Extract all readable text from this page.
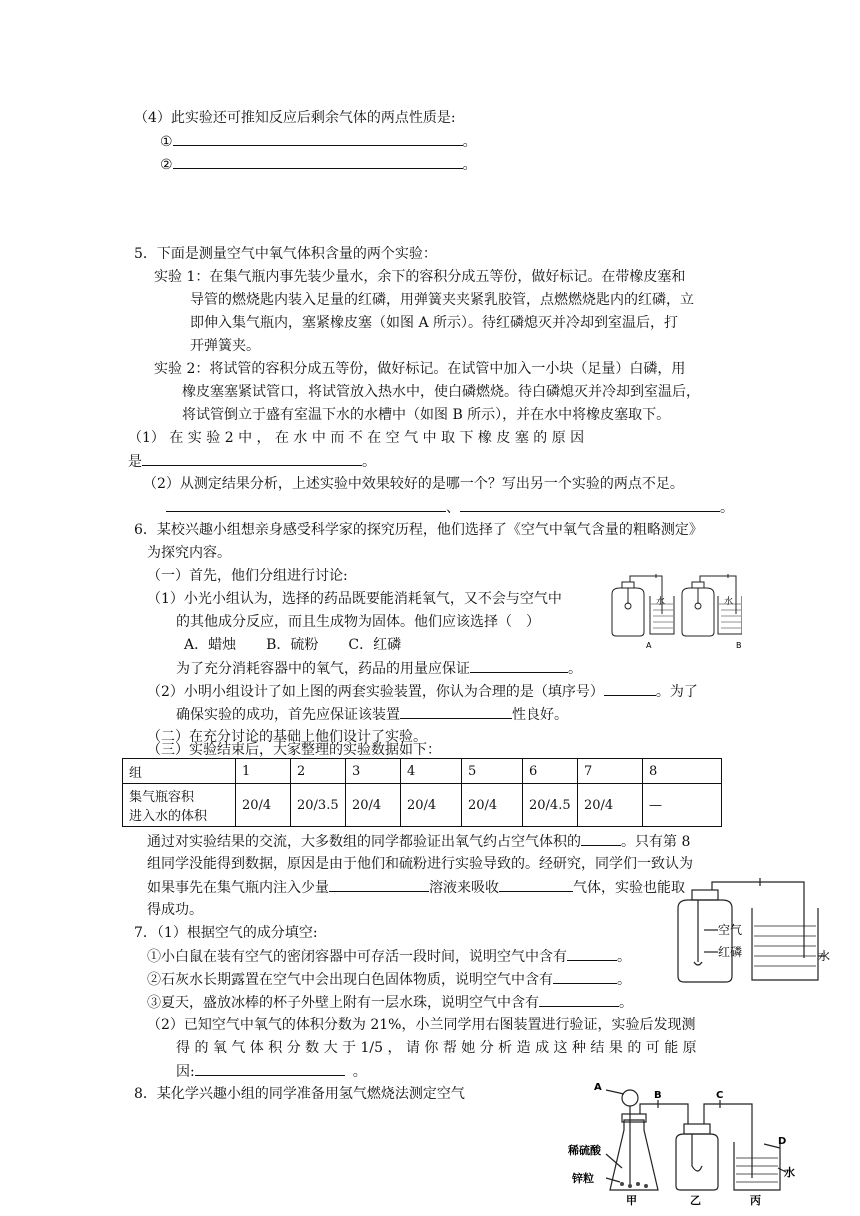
（4）此实验还可推知反应后剩余气体的两点性质是:
①	。
②	。
5．下面是测量空气中氧气体积含量的两个实验：
实验 1：在集气瓶内事先装少量水，余下的容积分成五等份，做好标记。在带橡皮塞和
导管的燃烧匙内装入足量的红磷，用弹簧夹夹紧乳胶管，点燃燃烧匙内的红磷，立
即伸入集气瓶内，塞紧橡皮塞（如图 A 所示）。待红磷熄灭并冷却到室温后，打
开弹簧夹。
实验 2：将试管的容积分成五等份，做好标记。在试管中加入一小块（足量）白磷，用
橡皮塞塞紧试管口，将试管放入热水中，使白磷燃烧。待白磷熄灭并冷却到室温后，
将试管倒立于盛有室温下水的水槽中（如图 B 所示），并在水中将橡皮塞取下。
（1） 在 实 验 2 中 ， 在 水 中 而 不 在 空 气 中 取 下 橡 皮 塞 的 原 因
是	。
（2）从测定结果分析，上述实验中效果较好的是哪一个？写出另一个实验的两点不足。
、	。
6．某校兴趣小组想亲身感受科学家的探究历程，他们选择了《空气中氧气含量的粗略测定》
为探究内容。
（一）首先，他们分组进行讨论:
（1）小光小组认为，选择的药品既要能消耗氧气，又不会与空气中
的其他成分反应，而且生成物为固体。他们应该选择（　）
A．蜡烛 B．硫粉 C．红磷
为了充分消耗容器中的氧气，药品的用量应保证	。
（2）小明小组设计了如上图的两套实验装置，你认为合理的是（填序号）	。为了
确保实验的成功，首先应保证该装置	性良好。
（二）在充分讨论的基础上他们设计了实验。
（三）实验结束后，大家整理的实验数据如下：
水
A
水
B
组	1	2	3	4	5	6	7	8

集气瓶容积
进入水的体积	20/4	20/3.5	20/4	20/4	20/4	20/4.5	20/4	—
通过对实验结果的交流，大多数组的同学都验证出氧气约占空气体积的	。只有第 8
组同学没能得到数据，原因是由于他们和硫粉进行实验导致的。经研究，同学们一致认为
如果事先在集气瓶内注入少量	溶液来吸收	气体，实验也能取
得成功。
7．（1）根据空气的成分填空:
①小白鼠在装有空气的密闭容器中可存活一段时间，说明空气中含有	。
②石灰水长期露置在空气中会出现白色固体物质，说明空气中含有	。
③夏天，盛放冰棒的杯子外壁上附有一层水珠，说明空气中含有	。
（2）已知空气中氧气的体积分数为 21%，小兰同学用右图装置进行验证，实验后发现测
得 的 氧 气 体 积 分 数 大 于 1/5 ， 请 你 帮 她 分 析 造 成 这 种 结 果 的 可 能 原
因:	。
空气
红磷	水
8．某化学兴趣小组的同学准备用氢气燃烧法测定空气	A
B	C
D
稀硫酸
锌粒	水
甲	乙	丙
